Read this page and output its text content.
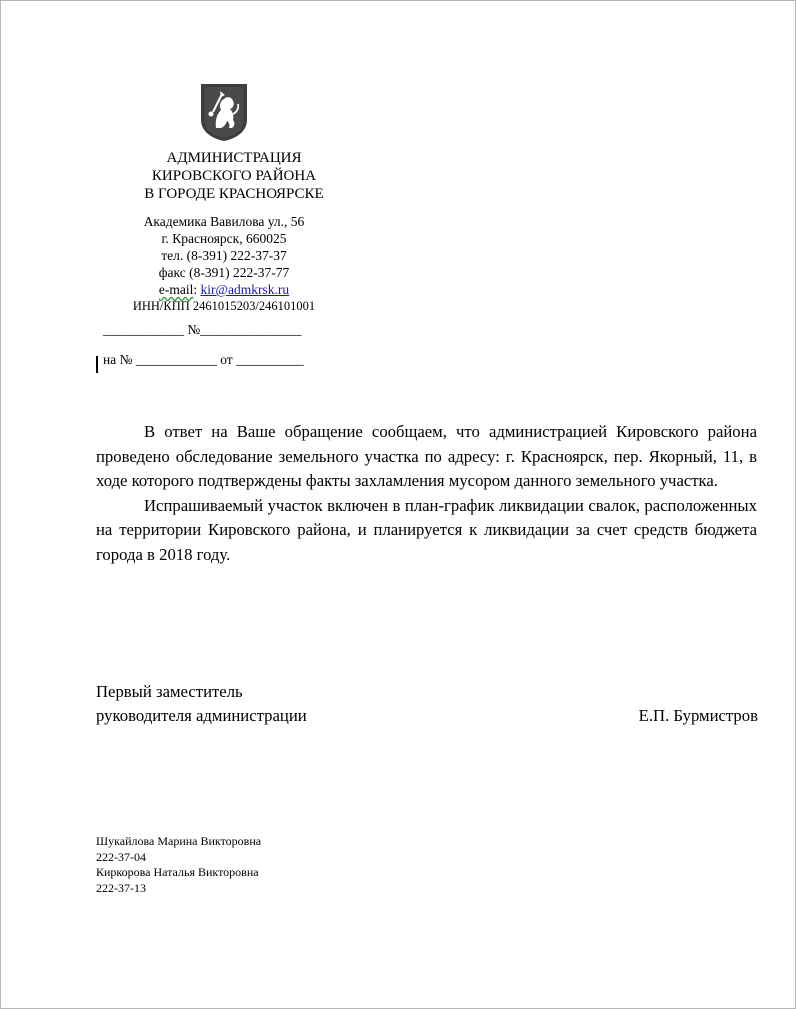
АДМИНИСТРАЦИЯ
КИРОВСКОГО РАЙОНА
В ГОРОДЕ КРАСНОЯРСКЕ
Академика Вавилова ул., 56
г. Красноярск, 660025
тел. (8-391) 222-37-37
факс (8-391) 222-37-77
e-mail: kir@admkrsk.ru
ИНН/КПП 2461015203/246101001
____________ №_______________
на № ____________ от __________

В ответ на Ваше обращение сообщаем, что администрацией Кировского района проведено обследование земельного участка по адресу: г. Красноярск, пер. Якорный, 11, в ходе которого подтверждены факты захламления мусором данного земельного участка.

Испрашиваемый участок включен в план-график ликвидации свалок, расположенных на территории Кировского района, и планируется к ликвидации за счет средств бюджета города в 2018 году.

Первый заместитель
руководителя администрации	Е.П. Бурмистров
Шукайлова Марина Викторовна
222-37-04
Киркорова Наталья Викторовна
222-37-13
